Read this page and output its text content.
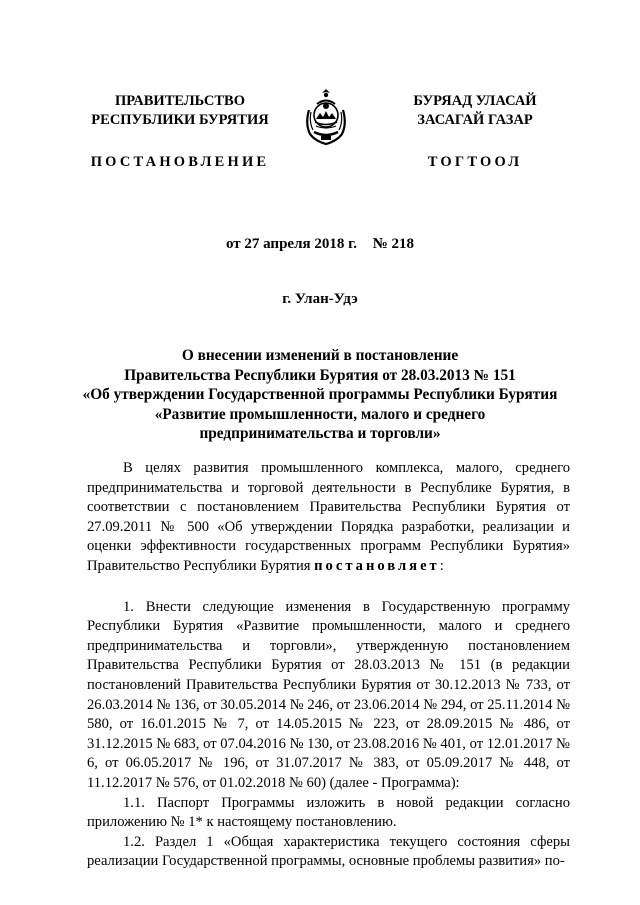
ПРАВИТЕЛЬСТВО
РЕСПУБЛИКИ БУРЯТИЯ
ПОСТАНОВЛЕНИЕ
БУРЯАД УЛАСАЙ
ЗАСАГАЙ ГАЗАР
ТОГТООЛ
от 27 апреля 2018 г. № 218
г. Улан-Удэ
О внесении изменений в постановление
Правительства Республики Бурятия от 28.03.2013 № 151
«Об утверждении Государственной программы Республики Бурятия
«Развитие промышленности, малого и среднего
предпринимательства и торговли»

В целях развития промышленного комплекса, малого, среднего предпринимательства и торговой деятельности в Республике Бурятия, в соответствии с постановлением Правительства Республики Бурятия от 27.09.2011 № 500 «Об утверждении Порядка разработки, реализации и оценки эффективности государственных программ Республики Бурятия» Правительство Республики Бурятия постановляет:

1. Внести следующие изменения в Государственную программу Республики Бурятия «Развитие промышленности, малого и среднего предпринимательства и торговли», утвержденную постановлением Правительства Республики Бурятия от 28.03.2013 № 151 (в редакции постановлений Правительства Республики Бурятия от 30.12.2013 № 733, от 26.03.2014 № 136, от 30.05.2014 № 246, от 23.06.2014 № 294, от 25.11.2014 № 580, от 16.01.2015 № 7, от 14.05.2015 № 223, от 28.09.2015 № 486, от 31.12.2015 № 683, от 07.04.2016 № 130, от 23.08.2016 № 401, от 12.01.2017 № 6, от 06.05.2017 № 196, от 31.07.2017 № 383, от 05.09.2017 № 448, от 11.12.2017 № 576, от 01.02.2018 № 60) (далее - Программа):

1.1. Паспорт Программы изложить в новой редакции согласно приложению № 1* к настоящему постановлению.

1.2. Раздел 1 «Общая характеристика текущего состояния сферы реализации Государственной программы, основные проблемы развития» по-
